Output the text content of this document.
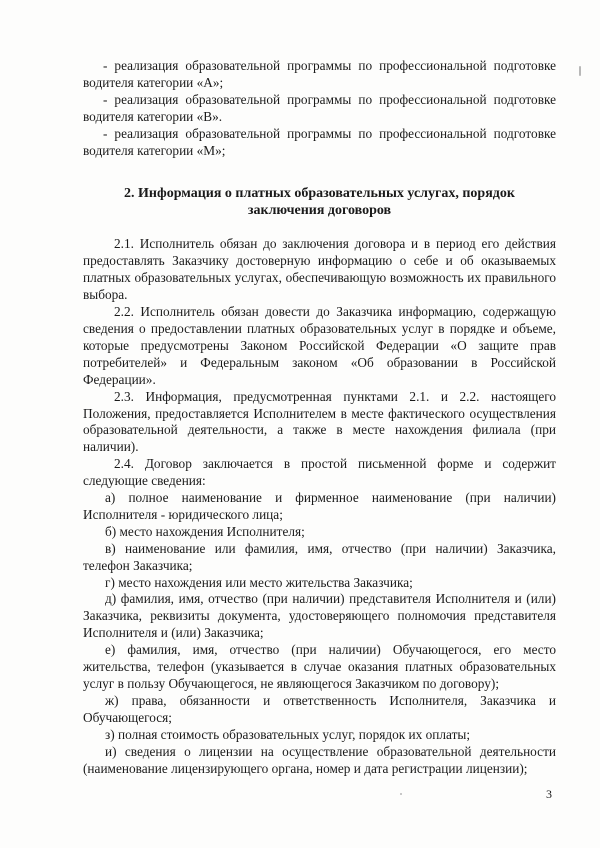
- реализация образовательной программы по профессиональной подготовке водителя категории «А»;

- реализация образовательной программы по профессиональной подготовке водителя категории «В».

- реализация образовательной программы по профессиональной подготовке водителя категории «М»;

2. Информация о платных образовательных услугах, порядок
заключения договоров

2.1. Исполнитель обязан до заключения договора и в период его действия предоставлять Заказчику достоверную информацию о себе и об оказываемых платных образовательных услугах, обеспечивающую возможность их правильного выбора.

2.2. Исполнитель обязан довести до Заказчика информацию, содержащую сведения о предоставлении платных образовательных услуг в порядке и объеме, которые предусмотрены Законом Российской Федерации «О защите прав потребителей» и Федеральным законом «Об образовании в Российской Федерации».

2.3. Информация, предусмотренная пунктами 2.1. и 2.2. настоящего Положения, предоставляется Исполнителем в месте фактического осуществления образовательной деятельности, а также в месте нахождения филиала (при наличии).

2.4. Договор заключается в простой письменной форме и содержит следующие сведения:

а) полное наименование и фирменное наименование (при наличии) Исполнителя - юридического лица;

б) место нахождения Исполнителя;

в) наименование или фамилия, имя, отчество (при наличии) Заказчика, телефон Заказчика;

г) место нахождения или место жительства Заказчика;

д) фамилия, имя, отчество (при наличии) представителя Исполнителя и (или) Заказчика, реквизиты документа, удостоверяющего полномочия представителя Исполнителя и (или) Заказчика;

е) фамилия, имя, отчество (при наличии) Обучающегося, его место жительства, телефон (указывается в случае оказания платных образовательных услуг в пользу Обучающегося, не являющегося Заказчиком по договору);

ж) права, обязанности и ответственность Исполнителя, Заказчика и Обучающегося;

з) полная стоимость образовательных услуг, порядок их оплаты;

и) сведения о лицензии на осуществление образовательной деятельности (наименование лицензирующего органа, номер и дата регистрации лицензии);

3
